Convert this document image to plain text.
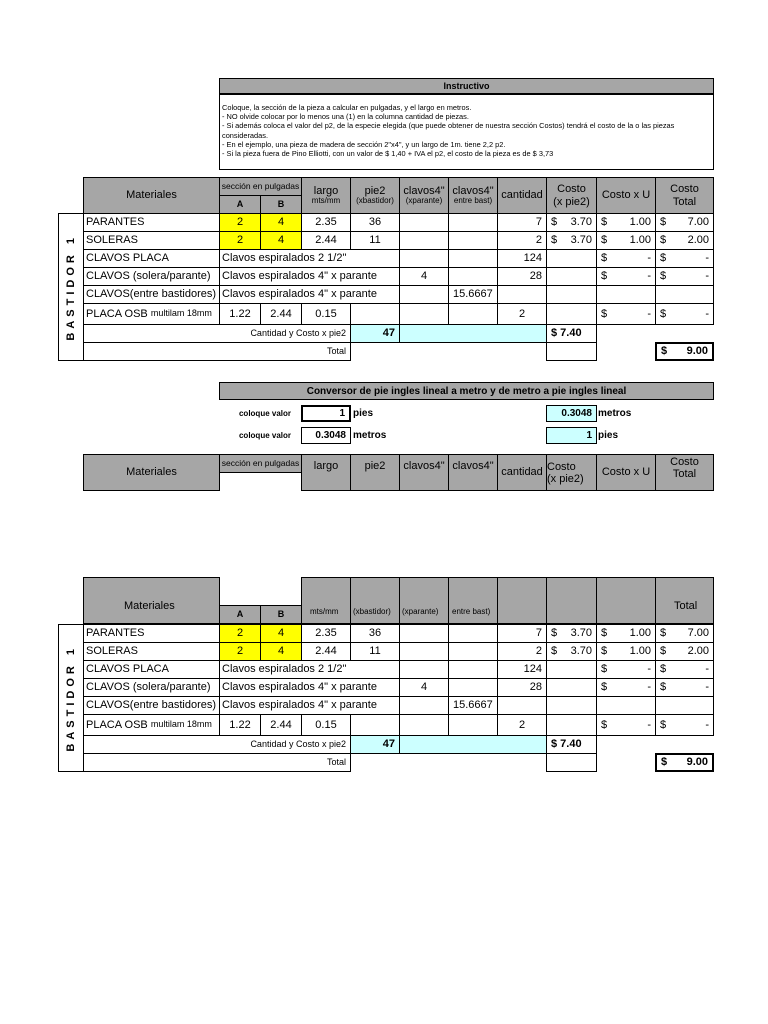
Instructivo
Coloque, la sección de la pieza a calcular en pulgadas, y el largo en metros.
- NO olvide colocar por lo menos una (1) en la columna cantidad de piezas.
- Si además coloca el valor del p2, de la especie elegida (que puede obtener de nuestra sección Costos) tendrá el costo de la o las piezas consideradas.
- En el ejemplo, una pieza de madera de sección 2"x4", y un largo de 1m. tiene 2,2 p2.
- Si la pieza fuera de Pino Elliotti, con un valor de $ 1,40 + IVA el p2, el costo de la pieza es de $ 3,73
Materiales
sección en pulgadas
A	B
largo
mts/mm
pie2
(xbastidor)
clavos4"
(xparante)
clavos4"
entre bast) cantidad
Costo
(x pie2)
Costo x U
Costo
Total
BASTIDOR 1
PARANTES	2	4	2.35	36	7 $ 3.70 $ 1.00 $ 7.00
SOLERAS	2	4	2.44	11	2 $ 3.70 $ 1.00 $ 2.00
CLAVOS PLACA	Clavos espiralados 2 1/2"	124	$	- $	-
CLAVOS (solera/parante) Clavos espiralados 4" x parante	4	28	$	- $	-
CLAVOS(entre bastidores) Clavos espiralados 4" x parante	15.6667
PLACA OSB
multilam 18mm 1.22 2.44 0.15	2	$	- $	-
Cantidad y Costo x pie2	47	$ 7.40
Total	$ 9.00
Conversor de pie ingles lineal a metro y de metro a pie ingles lineal
coloque valor	1 pies	0.3048 metros
coloque valor 0.3048 metros	1 pies
Materiales
sección en pulgadas largo pie2 clavos4" clavos4"
cantidad Costo
(x pie2)
Costo x U
Costo
Total
Materiales
A	B	mts/mm (xbastidor) (xparante) entre bast)	Total
BASTIDOR 1
PARANTES	2	4	2.35	36	7 $ 3.70 $ 1.00 $ 7.00
SOLERAS	2	4	2.44	11	2 $ 3.70 $ 1.00 $ 2.00
CLAVOS PLACA	Clavos espiralados 2 1/2"	124	$	- $	-
CLAVOS (solera/parante) Clavos espiralados 4" x parante	4	28	$	- $	-
CLAVOS(entre bastidores) Clavos espiralados 4" x parante	15.6667
PLACA OSB
multilam 18mm 1.22 2.44 0.15	2	$	- $	-
Cantidad y Costo x pie2	47	$ 7.40
Total	$ 9.00
